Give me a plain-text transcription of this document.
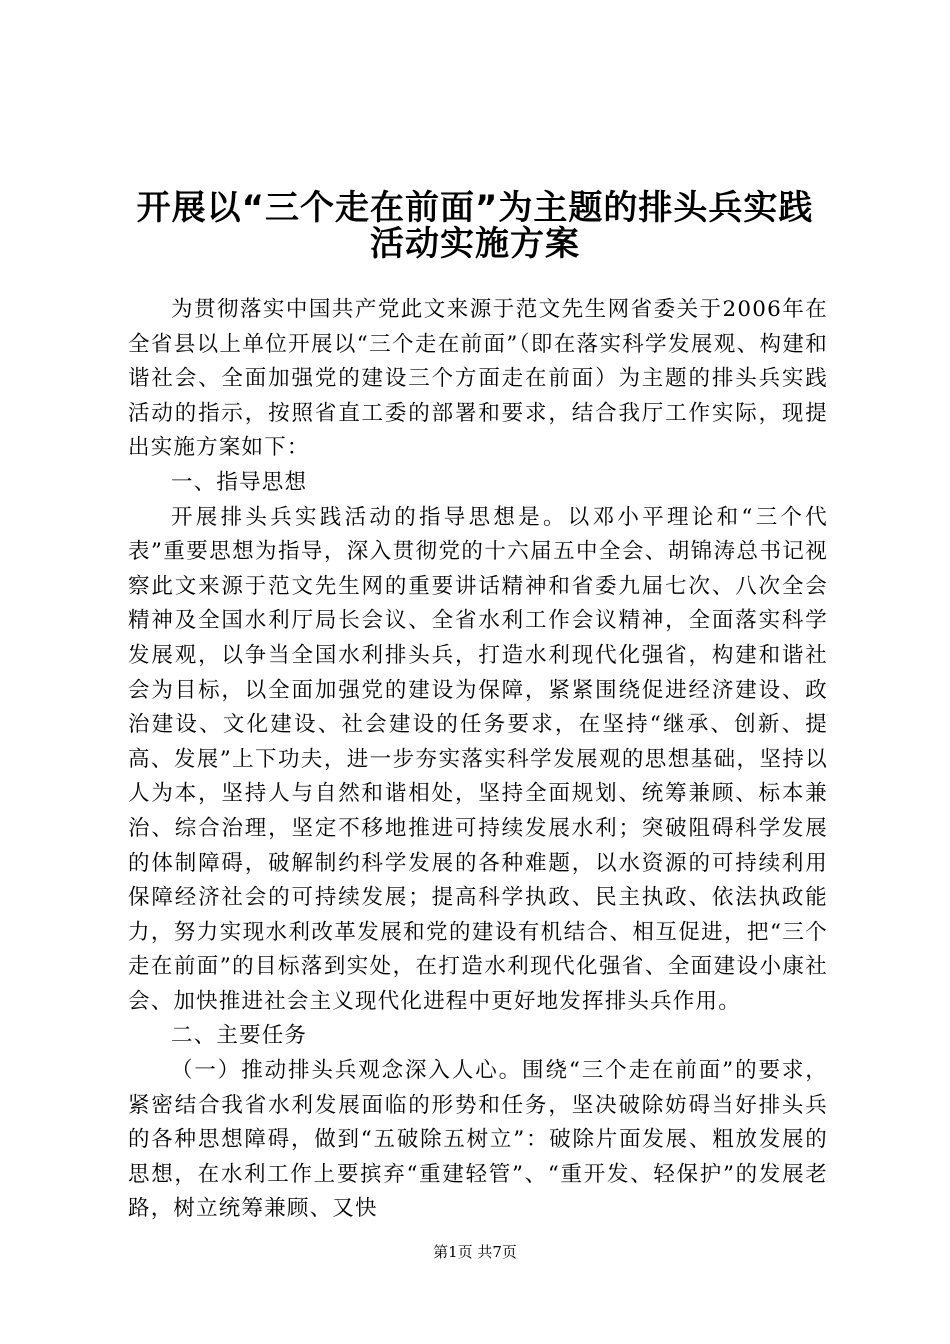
开展以“三个走在前面”为主题的排头兵实践
活动实施方案

为贯彻落实中国共产党此文来源于范文先生网省委关于2006年在全省县以上单位开展以“三个走在前面”（即在落实科学发展观、构建和谐社会、全面加强党的建设三个方面走在前面）为主题的排头兵实践活动的指示，按照省直工委的部署和要求，结合我厅工作实际，现提出实施方案如下：

一、指导思想

开展排头兵实践活动的指导思想是。以邓小平理论和“三个代表”重要思想为指导，深入贯彻党的十六届五中全会、胡锦涛总书记视察此文来源于范文先生网的重要讲话精神和省委九届七次、八次全会精神及全国水利厅局长会议、全省水利工作会议精神，全面落实科学发展观，以争当全国水利排头兵，打造水利现代化强省，构建和谐社会为目标，以全面加强党的建设为保障，紧紧围绕促进经济建设、政治建设、文化建设、社会建设的任务要求，在坚持“继承、创新、提高、发展”上下功夫，进一步夯实落实科学发展观的思想基础，坚持以人为本，坚持人与自然和谐相处，坚持全面规划、统筹兼顾、标本兼治、综合治理，坚定不移地推进可持续发展水利；突破阻碍科学发展的体制障碍，破解制约科学发展的各种难题，以水资源的可持续利用保障经济社会的可持续发展；提高科学执政、民主执政、依法执政能力，努力实现水利改革发展和党的建设有机结合、相互促进，把“三个走在前面”的目标落到实处，在打造水利现代化强省、全面建设小康社会、加快推进社会主义现代化进程中更好地发挥排头兵作用。

二、主要任务

（一）推动排头兵观念深入人心。围绕“三个走在前面”的要求，紧密结合我省水利发展面临的形势和任务，坚决破除妨碍当好排头兵的各种思想障碍，做到“五破除五树立”：破除片面发展、粗放发展的思想，在水利工作上要摈弃“重建轻管”、“重开发、轻保护”的发展老路，树立统筹兼顾、又快

第1页 共7页
